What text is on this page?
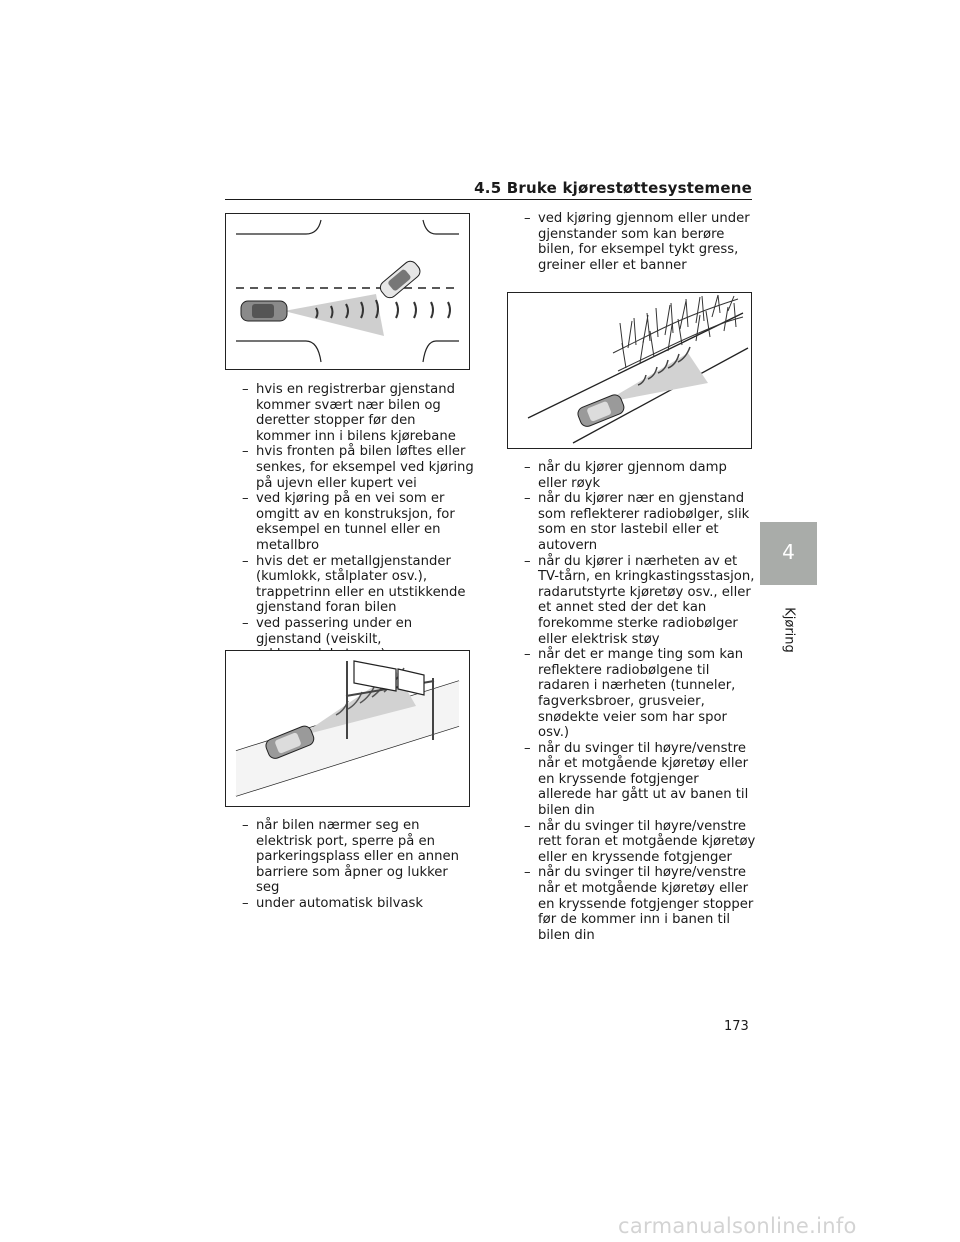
4.5 Bruke kjørestøttesystemene
– hvis en registrerbar gjenstand kommer svært nær bilen og deretter stopper før den kommer inn i bilens kjørebane
– hvis fronten på bilen løftes eller senkes, for eksempel ved kjøring på ujevn eller kupert vei
– ved kjøring på en vei som er omgitt av en konstruksjon, for eksempel en tunnel eller en metallbro
– hvis det er metallgjenstander (kumlokk, stålplater osv.), trappetrinn eller en utstikkende gjenstand foran bilen
– ved passering under en gjenstand (veiskilt,
– når bilen nærmer seg en elektrisk port, sperre på en parkeringsplass eller en annen barriere som åpner og lukker seg
– under automatisk bilvask
– ved kjøring gjennom eller under gjenstander som kan berøre bilen, for eksempel tykt gress, greiner eller et banner
– når du kjører gjennom damp eller røyk
– når du kjører nær en gjenstand som reflekterer radiobølger, slik som en stor lastebil eller et autovern
– når du kjører i nærheten av et TV-tårn, en kringkastingsstasjon, radarutstyrte kjøretøy osv., eller et annet sted der det kan forekomme sterke radiobølger eller elektrisk støy
– når det er mange ting som kan reflektere radiobølgene til radaren i nærheten (tunneler, fagverksbroer, grusveier, snødekte veier som har spor osv.)
– når du svinger til høyre/venstre når et motgående kjøretøy eller en kryssende fotgjenger allerede har gått ut av banen til bilen din
– når du svinger til høyre/venstre rett foran et motgående kjøretøy eller en kryssende fotgjenger
– når du svinger til høyre/venstre når et motgående kjøretøy eller en kryssende fotgjenger stopper før de kommer inn i banen til bilen din
4
Kjøring
173
carmanualsonline.info
